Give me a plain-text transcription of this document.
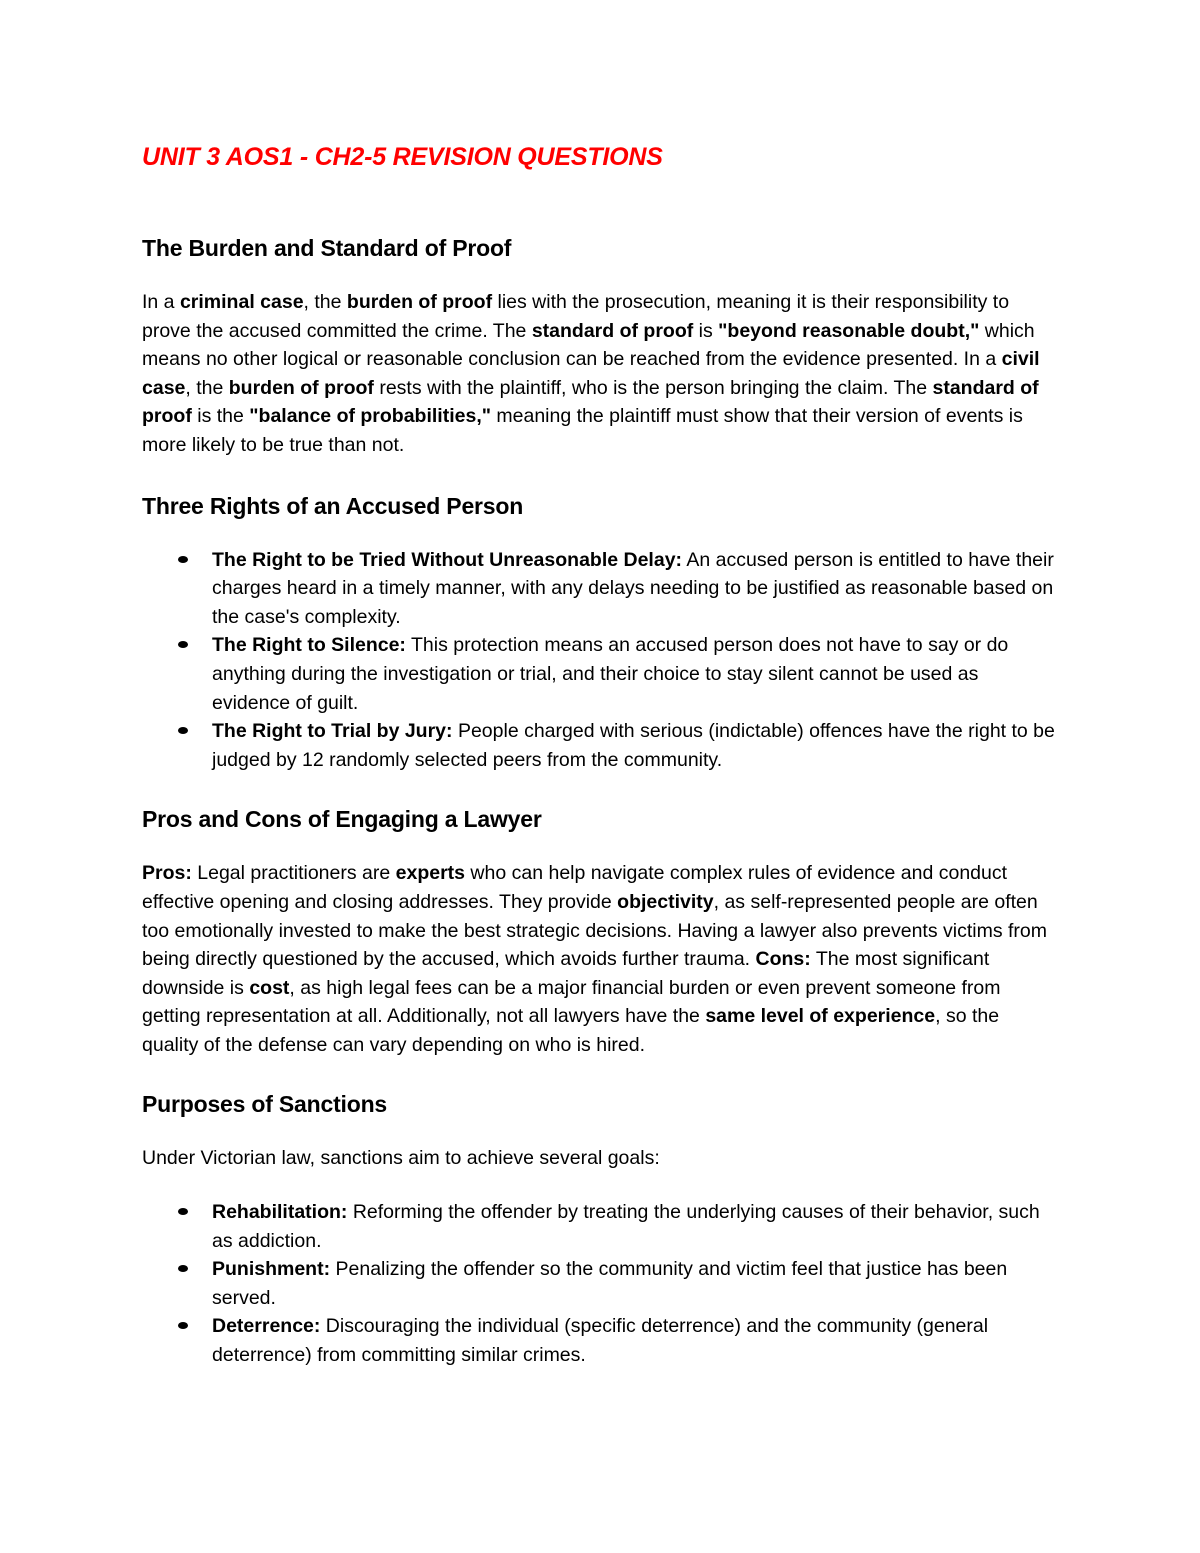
UNIT 3 AOS1 - CH2-5 REVISION QUESTIONS
The Burden and Standard of Proof

In a criminal case, the burden of proof lies with the prosecution, meaning it is their responsibility to prove the accused committed the crime. The standard of proof is "beyond reasonable doubt," which means no other logical or reasonable conclusion can be reached from the evidence presented. In a civil case, the burden of proof rests with the plaintiff, who is the person bringing the claim. The standard of proof is the "balance of probabilities," meaning the plaintiff must show that their version of events is more likely to be true than not.

Three Rights of an Accused Person
The Right to be Tried Without Unreasonable Delay: An accused person is entitled to have their charges heard in a timely manner, with any delays needing to be justified as reasonable based on the case's complexity.
The Right to Silence: This protection means an accused person does not have to say or do anything during the investigation or trial, and their choice to stay silent cannot be used as evidence of guilt.
The Right to Trial by Jury: People charged with serious (indictable) offences have the right to be judged by 12 randomly selected peers from the community.
Pros and Cons of Engaging a Lawyer

Pros: Legal practitioners are experts who can help navigate complex rules of evidence and conduct effective opening and closing addresses. They provide objectivity, as self-represented people are often too emotionally invested to make the best strategic decisions. Having a lawyer also prevents victims from being directly questioned by the accused, which avoids further trauma. Cons: The most significant downside is cost, as high legal fees can be a major financial burden or even prevent someone from getting representation at all. Additionally, not all lawyers have the same level of experience, so the quality of the defense can vary depending on who is hired.

Purposes of Sanctions

Under Victorian law, sanctions aim to achieve several goals:

Rehabilitation: Reforming the offender by treating the underlying causes of their behavior, such as addiction.
Punishment: Penalizing the offender so the community and victim feel that justice has been served.
Deterrence: Discouraging the individual (specific deterrence) and the community (general deterrence) from committing similar crimes.
